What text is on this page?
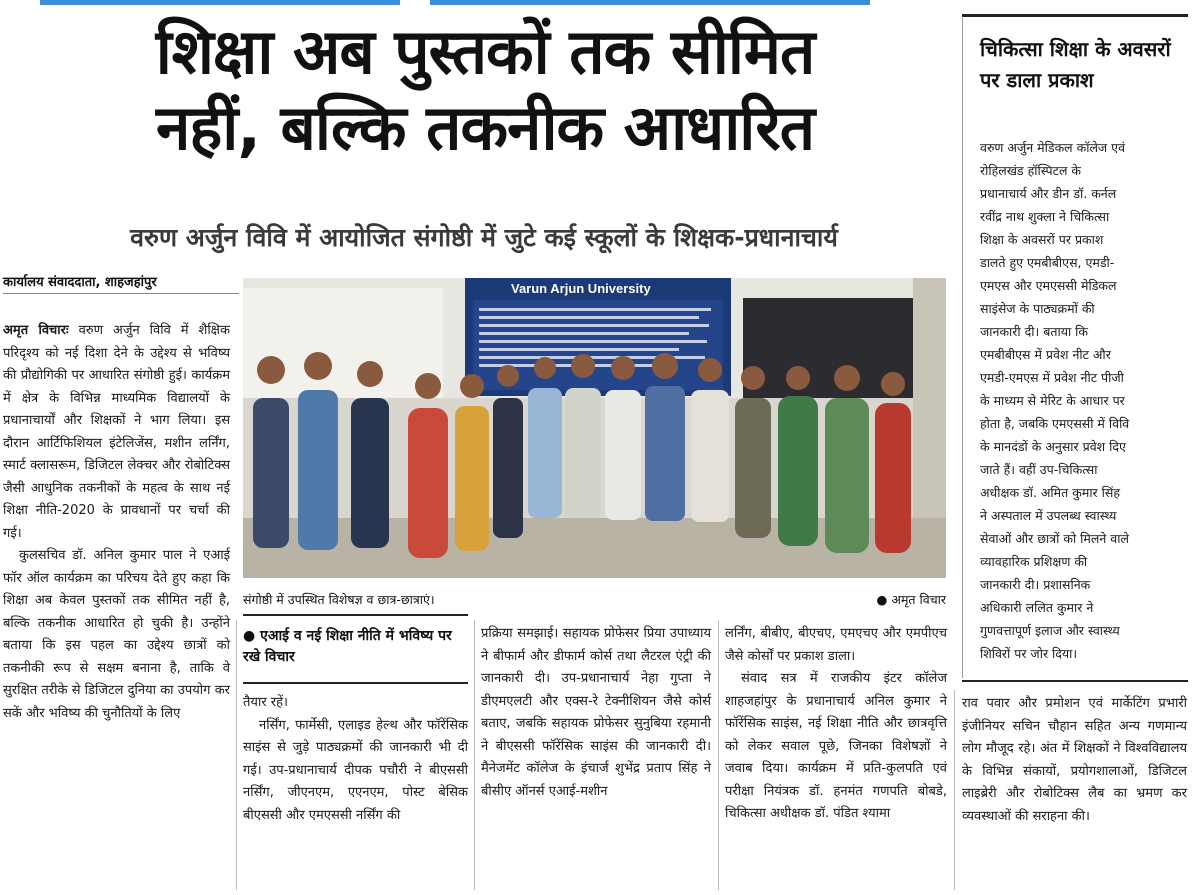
शिक्षा अब पुस्तकों तक सीमित
नहीं, बल्कि तकनीक आधारित
वरुण अर्जुन विवि में आयोजित संगोष्ठी में जुटे कई स्कूलों के शिक्षक-प्रधानाचार्य
कार्यालय संवाददाता, शाहजहांपुर

अमृत विचारः वरुण अर्जुन विवि में शैक्षिक परिदृश्य को नई दिशा देने के उद्देश्य से भविष्य की प्रौद्योगिकी पर आधारित संगोष्ठी हुई। कार्यक्रम में क्षेत्र के विभिन्न माध्यमिक विद्यालयों के प्रधानाचार्यों और शिक्षकों ने भाग लिया। इस दौरान आर्टिफिशियल इंटेलिजेंस, मशीन लर्निंग, स्मार्ट क्लासरूम, डिजिटल लेक्चर और रोबोटिक्स जैसी आधुनिक तकनीकों के महत्व के साथ नई शिक्षा नीति-2020 के प्रावधानों पर चर्चा की गई।

कुलसचिव डॉ. अनिल कुमार पाल ने एआई फॉर ऑल कार्यक्रम का परिचय देते हुए कहा कि शिक्षा अब केवल पुस्तकों तक सीमित नहीं है, बल्कि तकनीक आधारित हो चुकी है। उन्होंने बताया कि इस पहल का उद्देश्य छात्रों को तकनीकी रूप से सक्षम बनाना है, ताकि वे सुरक्षित तरीके से डिजिटल दुनिया का उपयोग कर सकें और भविष्य की चुनौतियों के लिए

Varun Arjun University
संगोष्ठी में उपस्थित विशेषज्ञ व छात्र-छात्राएं।	● अमृत विचार
● एआई व नई शिक्षा नीति में भविष्य पर रखे विचार

तैयार रहें।

नर्सिंग, फार्मेसी, एलाइड हेल्थ और फॉरेंसिक साइंस से जुड़े पाठ्यक्रमों की जानकारी भी दी गई। उप-प्रधानाचार्य दीपक पचौरी ने बीएससी नर्सिंग, जीएनएम, एएनएम, पोस्ट बेसिक बीएससी और एमएससी नर्सिंग की

प्रक्रिया समझाई। सहायक प्रोफेसर प्रिया उपाध्याय ने बीफार्म और डीफार्म कोर्स तथा लैटरल एंट्री की जानकारी दी। उप-प्रधानाचार्य नेहा गुप्ता ने डीएमएलटी और एक्स-रे टेक्नीशियन जैसे कोर्स बताए, जबकि सहायक प्रोफेसर सुनुबिया रहमानी ने बीएससी फॉरेंसिक साइंस की जानकारी दी। मैनेजमेंट कॉलेज के इंचार्ज शुभेंद्र प्रताप सिंह ने बीसीए ऑनर्स एआई-मशीन

लर्निंग, बीबीए, बीएचए, एमएचए और एमपीएच जैसे कोर्सों पर प्रकाश डाला।

संवाद सत्र में राजकीय इंटर कॉलेज शाहजहांपुर के प्रधानाचार्य अनिल कुमार ने फॉरेंसिक साइंस, नई शिक्षा नीति और छात्रवृत्ति को लेकर सवाल पूछे, जिनका विशेषज्ञों ने जवाब दिया। कार्यक्रम में प्रति-कुलपति एवं परीक्षा नियंत्रक डॉ. हनमंत गणपति बोबडे, चिकित्सा अधीक्षक डॉ. पंडित श्यामा

राव पवार और प्रमोशन एवं मार्केटिंग प्रभारी इंजीनियर सचिन चौहान सहित अन्य गणमान्य लोग मौजूद रहे। अंत में शिक्षकों ने विश्वविद्यालय के विभिन्न संकायों, प्रयोगशालाओं, डिजिटल लाइब्रेरी और रोबोटिक्स लैब का भ्रमण कर व्यवस्थाओं की सराहना की।

चिकित्सा शिक्षा के अवसरों पर डाला प्रकाश
वरुण अर्जुन मेडिकल कॉलेज एवं रोहिलखंड हॉस्पिटल के प्रधानाचार्य और डीन डॉ. कर्नल रवींद्र नाथ शुक्ला ने चिकित्सा शिक्षा के अवसरों पर प्रकाश डालते हुए एमबीबीएस, एमडी-एमएस और एमएससी मेडिकल साइंसेज के पाठ्यक्रमों की जानकारी दी। बताया कि एमबीबीएस में प्रवेश नीट और एमडी-एमएस में प्रवेश नीट पीजी के माध्यम से मेरिट के आधार पर होता है, जबकि एमएससी में विवि के मानदंडों के अनुसार प्रवेश दिए जाते हैं। वहीं उप-चिकित्सा अधीक्षक डॉ. अमित कुमार सिंह ने अस्पताल में उपलब्ध स्वास्थ्य सेवाओं और छात्रों को मिलने वाले व्यावहारिक प्रशिक्षण की जानकारी दी। प्रशासनिक अधिकारी ललित कुमार ने गुणवत्तापूर्ण इलाज और स्वास्थ्य शिविरों पर जोर दिया।
